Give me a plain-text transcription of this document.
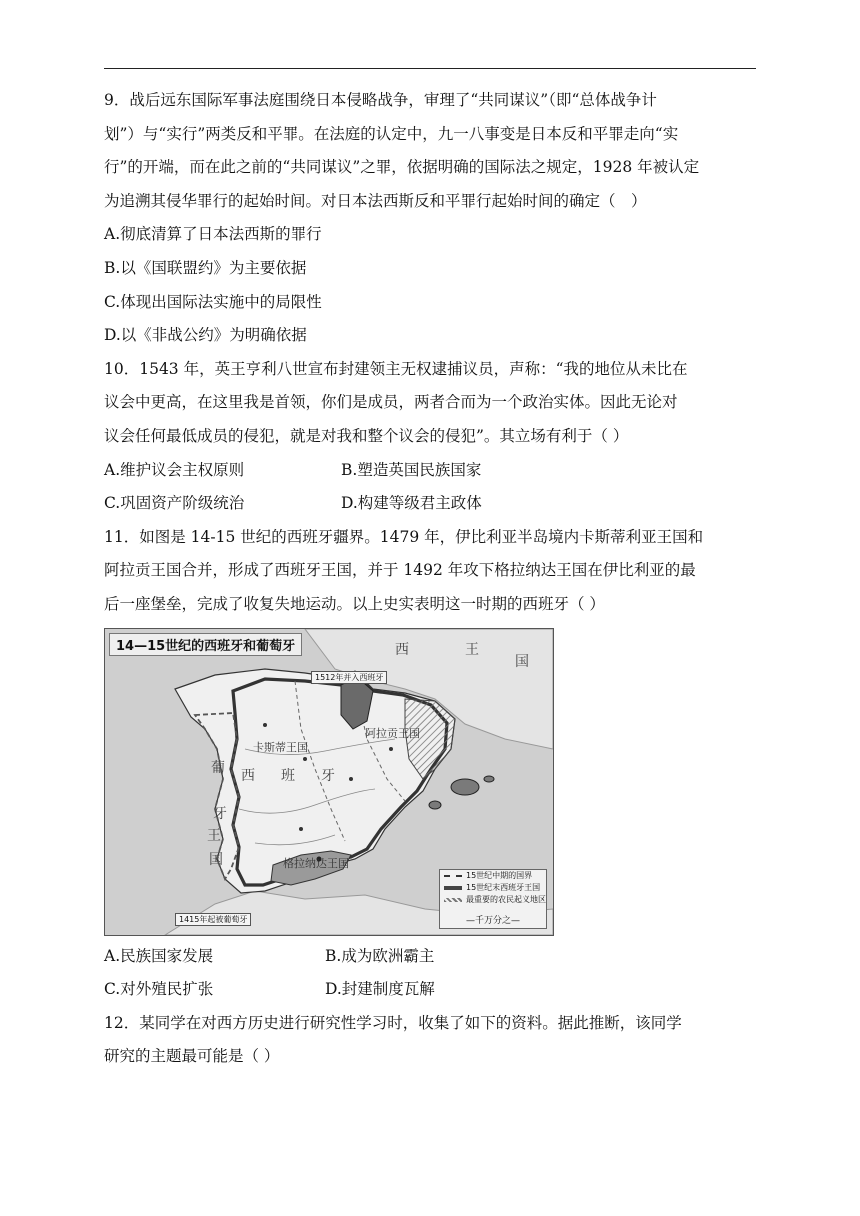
9．战后远东国际军事法庭围绕日本侵略战争，审理了“共同谋议”（即“总体战争计

划”）与“实行”两类反和平罪。在法庭的认定中，九一八事变是日本反和平罪走向“实

行”的开端，而在此之前的“共同谋议”之罪，依据明确的国际法之规定，1928 年被认定

为追溯其侵华罪行的起始时间。对日本法西斯反和平罪行起始时间的确定（　）

A.彻底清算了日本法西斯的罪行

B.以《国联盟约》为主要依据

C.体现出国际法实施中的局限性

D.以《非战公约》为明确依据

10．1543 年，英王亨利八世宣布封建领主无权逮捕议员，声称：“我的地位从未比在

议会中更高，在这里我是首领，你们是成员，两者合而为一个政治实体。因此无论对

议会任何最低成员的侵犯，就是对我和整个议会的侵犯”。其立场有利于（ ）

A.维护议会主权原则	B.塑造英国民族国家
C.巩固资产阶级统治	D.构建等级君主政体

11．如图是 14-15 世纪的西班牙疆界。1479 年，伊比利亚半岛境内卡斯蒂利亚王国和

阿拉贡王国合并，形成了西班牙王国，并于 1492 年攻下格拉纳达王国在伊比利亚的最

后一座堡垒，完成了收复失地运动。以上史实表明这一时期的西班牙（ ）

14—15世纪的西班牙和葡萄牙	西	王
国
葡
牙
王
国
西 班 牙
卡斯蒂王国
阿拉贡王国
格拉纳达王国
1512年并入西班牙
1415年起被葡萄牙
15世纪中期的国界
15世纪末西班牙王国
最重要的农民起义地区
—千万分之—
A.民族国家发展	B.成为欧洲霸主
C.对外殖民扩张	D.封建制度瓦解

12．某同学在对西方历史进行研究性学习时，收集了如下的资料。据此推断，该同学

研究的主题最可能是（ ）
